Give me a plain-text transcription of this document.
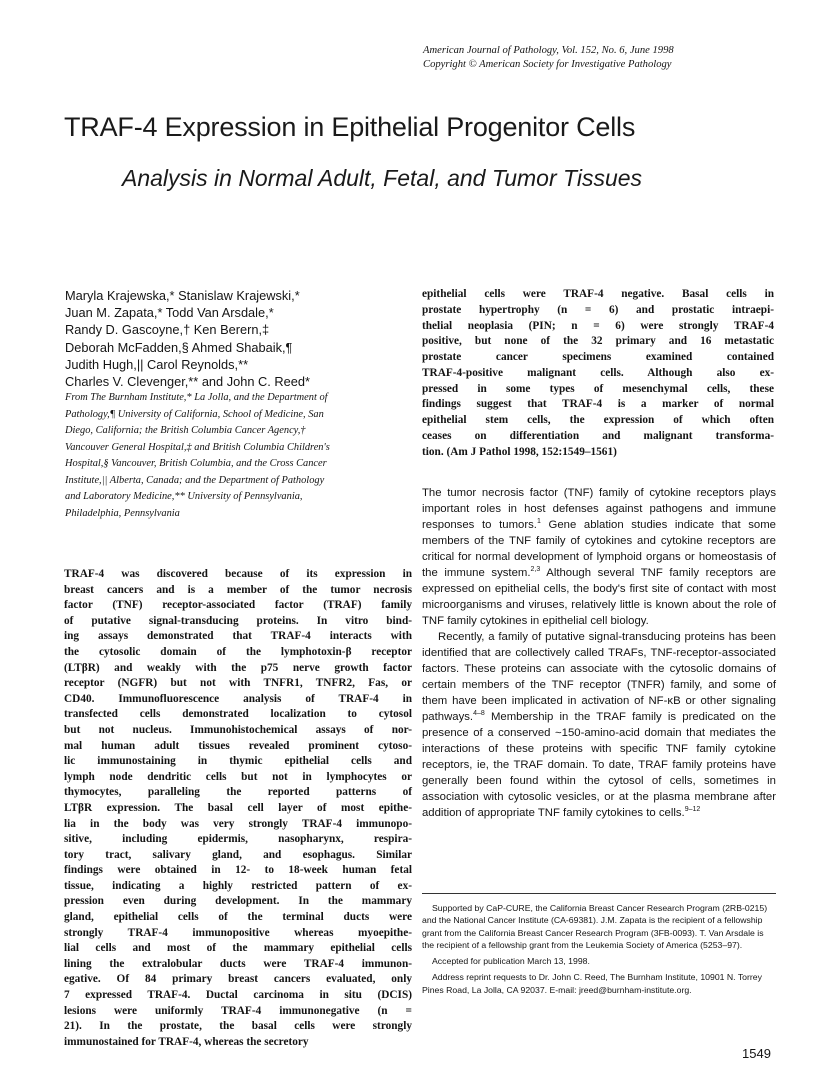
American Journal of Pathology, Vol. 152, No. 6, June 1998
Copyright © American Society for Investigative Pathology
TRAF-4 Expression in Epithelial Progenitor Cells
Analysis in Normal Adult, Fetal, and Tumor Tissues
Maryla Krajewska,* Stanislaw Krajewski,*
Juan M. Zapata,* Todd Van Arsdale,*
Randy D. Gascoyne,† Ken Berern,‡
Deborah McFadden,§ Ahmed Shabaik,¶
Judith Hugh,|| Carol Reynolds,**
Charles V. Clevenger,** and John C. Reed*
From The Burnham Institute,* La Jolla, and the Department of
Pathology,¶ University of California, School of Medicine, San
Diego, California; the British Columbia Cancer Agency,†
Vancouver General Hospital,‡ and British Columbia Children's
Hospital,§ Vancouver, British Columbia, and the Cross Cancer
Institute,|| Alberta, Canada; and the Department of Pathology
and Laboratory Medicine,** University of Pennsylvania,
Philadelphia, Pennsylvania
epithelial cells were TRAF-4 negative. Basal cells in
prostate hypertrophy (n = 6) and prostatic intraepi-
thelial neoplasia (PIN; n = 6) were strongly TRAF-4
positive, but none of the 32 primary and 16 metastatic
prostate cancer specimens examined contained
TRAF-4-positive malignant cells. Although also ex-
pressed in some types of mesenchymal cells, these
findings suggest that TRAF-4 is a marker of normal
epithelial stem cells, the expression of which often
ceases on differentiation and malignant transforma-
tion. (Am J Pathol 1998, 152:1549–1561)
TRAF-4 was discovered because of its expression in
breast cancers and is a member of the tumor necrosis
factor (TNF) receptor-associated factor (TRAF) family
of putative signal-transducing proteins. In vitro bind-
ing assays demonstrated that TRAF-4 interacts with
the cytosolic domain of the lymphotoxin-β receptor
(LTβR) and weakly with the p75 nerve growth factor
receptor (NGFR) but not with TNFR1, TNFR2, Fas, or
CD40. Immunofluorescence analysis of TRAF-4 in
transfected cells demonstrated localization to cytosol
but not nucleus. Immunohistochemical assays of nor-
mal human adult tissues revealed prominent cytoso-
lic immunostaining in thymic epithelial cells and
lymph node dendritic cells but not in lymphocytes or
thymocytes, paralleling the reported patterns of
LTβR expression. The basal cell layer of most epithe-
lia in the body was very strongly TRAF-4 immunopo-
sitive, including epidermis, nasopharynx, respira-
tory tract, salivary gland, and esophagus. Similar
findings were obtained in 12- to 18-week human fetal
tissue, indicating a highly restricted pattern of ex-
pression even during development. In the mammary
gland, epithelial cells of the terminal ducts were
strongly TRAF-4 immunopositive whereas myoepithe-
lial cells and most of the mammary epithelial cells
lining the extralobular ducts were TRAF-4 immunon-
egative. Of 84 primary breast cancers evaluated, only
7 expressed TRAF-4. Ductal carcinoma in situ (DCIS)
lesions were uniformly TRAF-4 immunonegative (n =
21). In the prostate, the basal cells were strongly
immunostained for TRAF-4, whereas the secretory

The tumor necrosis factor (TNF) family of cytokine receptors plays important roles in host defenses against pathogens and immune responses to tumors.$^1$ Gene ablation studies indicate that some members of the TNF family of cytokines and cytokine receptors are critical for normal development of lymphoid organs or homeostasis of the immune system.$^{2,3}$ Although several TNF family receptors are expressed on epithelial cells, the body's first site of contact with most microorganisms and viruses, relatively little is known about the role of TNF family cytokines in epithelial cell biology.

Recently, a family of putative signal-transducing proteins has been identified that are collectively called TRAFs, TNF-receptor-associated factors. These proteins can associate with the cytosolic domains of certain members of the TNF receptor (TNFR) family, and some of them have been implicated in activation of NF-κB or other signaling pathways.$^{4-8}$ Membership in the TRAF family is predicated on the presence of a conserved ~150-amino-acid domain that mediates the interactions of these proteins with specific TNF family cytokine receptors, ie, the TRAF domain. To date, TRAF family proteins have generally been found within the cytosol of cells, sometimes in association with cytosolic vesicles, or at the plasma membrane after addition of appropriate TNF family cytokines to cells.$^{9-12}$

Supported by CaP-CURE, the California Breast Cancer Research Program (2RB-0215) and the National Cancer Institute (CA-69381). J.M. Zapata is the recipient of a fellowship grant from the California Breast Cancer Research Program (3FB-0093). T. Van Arsdale is the recipient of a fellowship grant from the Leukemia Society of America (5253–97).

Accepted for publication March 13, 1998.

Address reprint requests to Dr. John C. Reed, The Burnham Institute, 10901 N. Torrey Pines Road, La Jolla, CA 92037. E-mail: jreed@burnham-institute.org.

1549
